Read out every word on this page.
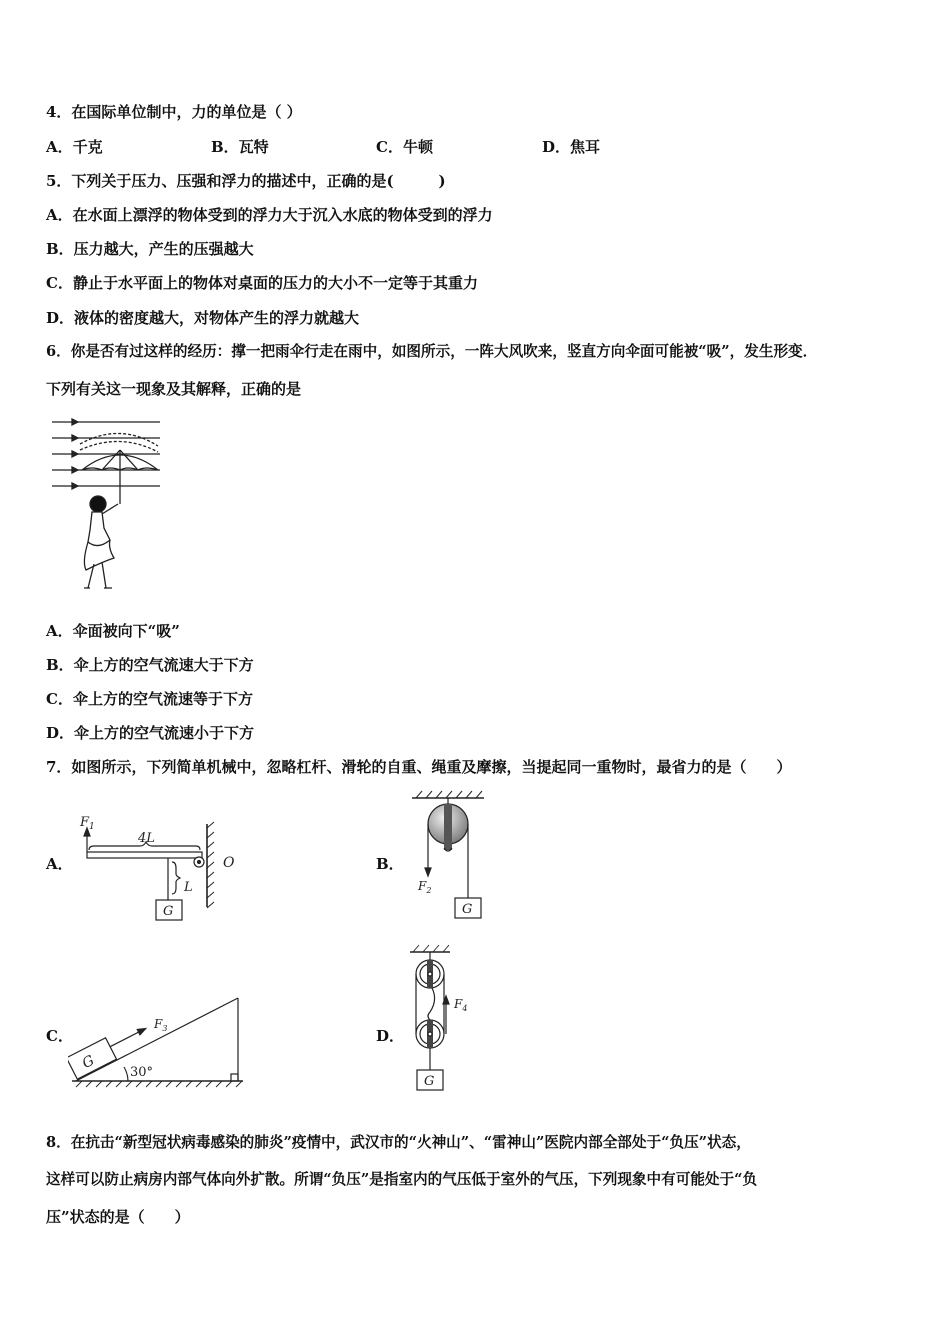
4．在国际单位制中，力的单位是（ ）
A．千克	B．瓦特	C．牛顿	D．焦耳
5．下列关于压力、压强和浮力的描述中，正确的是(　　　)
A．在水面上漂浮的物体受到的浮力大于沉入水底的物体受到的浮力
B．压力越大，产生的压强越大
C．静止于水平面上的物体对桌面的压力的大小不一定等于其重力
D．液体的密度越大，对物体产生的浮力就越大
6．你是否有过这样的经历：撑一把雨伞行走在雨中，如图所示，一阵大风吹来，竖直方向伞面可能被“吸”，发生形变．
下列有关这一现象及其解释，正确的是
A．伞面被向下“吸”
B．伞上方的空气流速大于下方
C．伞上方的空气流速等于下方
D．伞上方的空气流速小于下方
7．如图所示，下列简单机械中，忽略杠杆、滑轮的自重、绳重及摩擦，当提起同一重物时，最省力的是（　　）
A．
$F_1$
4L
O
L
G
B．
$F_2$
G
C．
30°
G
$F_3$	D．
$F_4$
G
8．在抗击“新型冠状病毒感染的肺炎”疫情中，武汉市的“火神山”、“雷神山”医院内部全部处于“负压”状态，
这样可以防止病房内部气体向外扩散。所谓“负压”是指室内的气压低于室外的气压，下列现象中有可能处于“负
压”状态的是（　　）
